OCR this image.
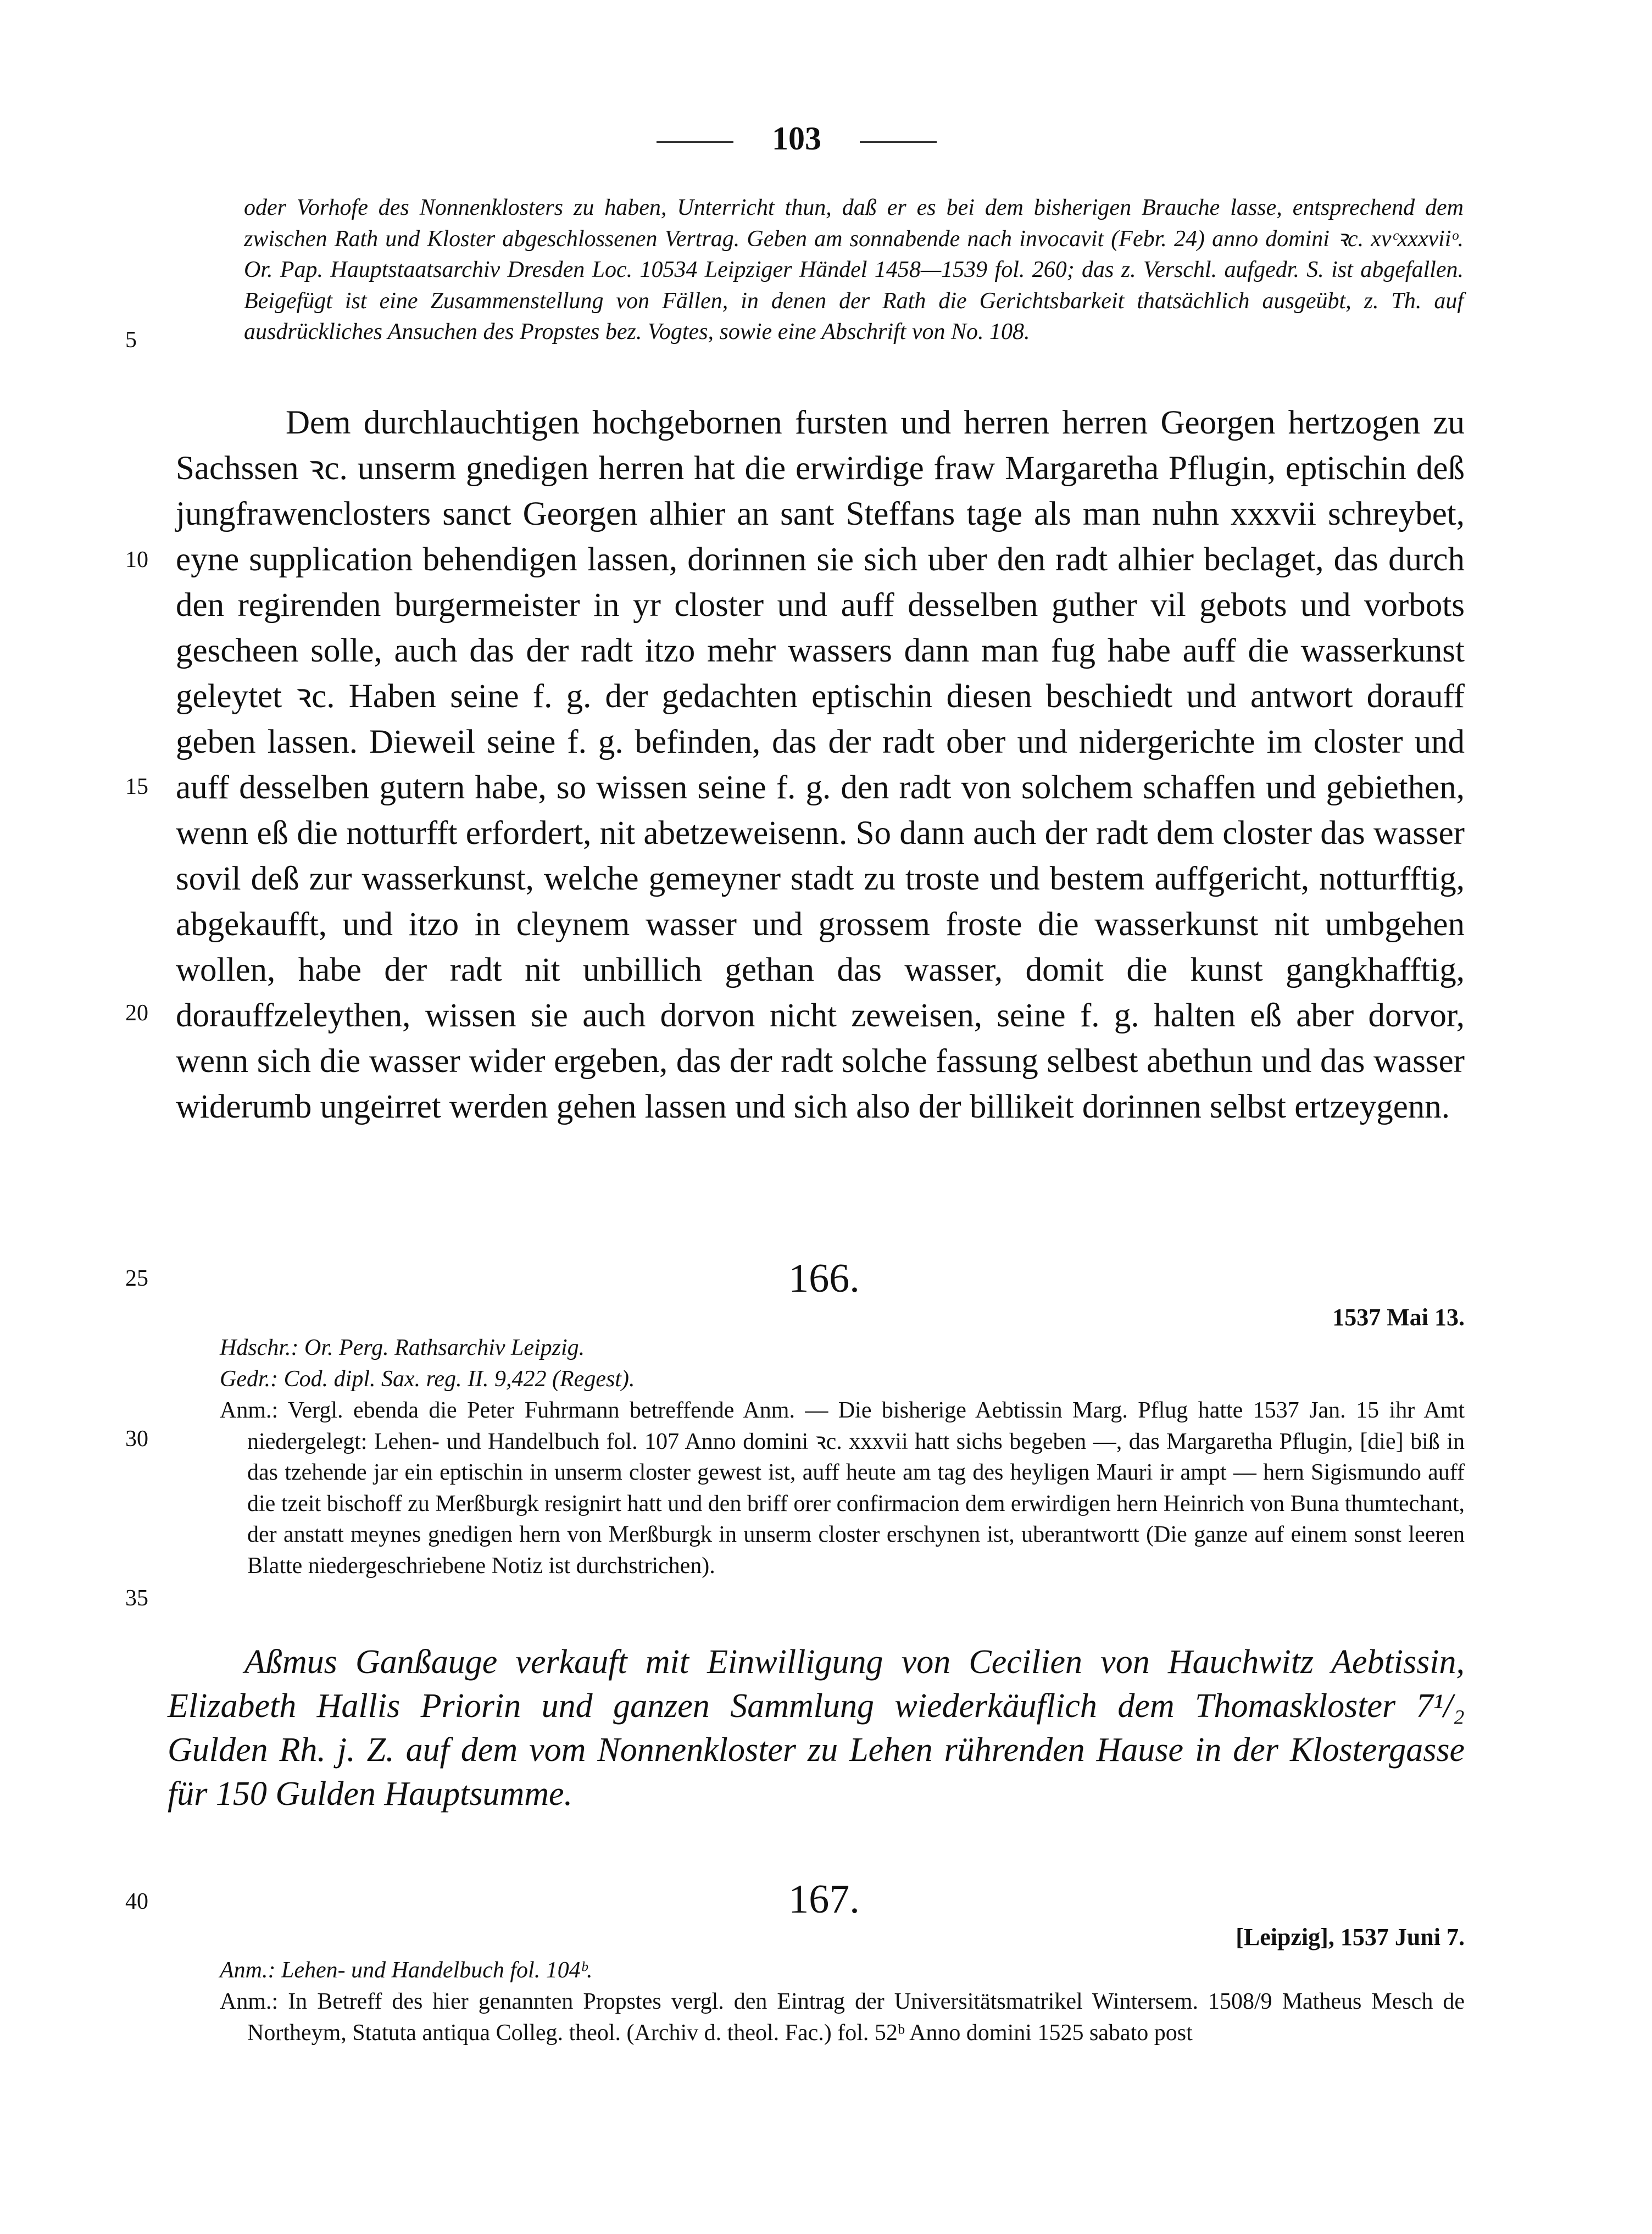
103
5
10
15
20
25
30
35
40

oder Vorhofe des Nonnenklosters zu haben, Unterricht thun, daß er es bei dem bisherigen Brauche lasse, entsprechend dem zwischen Rath und Kloster abgeschlossenen Vertrag. Geben am sonnabende nach invocavit (Febr. 24) anno domini ꝛc. xvᶜxxxviiᵒ. Or. Pap. Hauptstaatsarchiv Dresden Loc. 10534 Leipziger Händel 1458—1539 fol. 260; das z. Verschl. aufgedr. S. ist abgefallen. Beigefügt ist eine Zusammenstellung von Fällen, in denen der Rath die Gerichtsbarkeit thatsächlich ausgeübt, z. Th. auf ausdrückliches Ansuchen des Propstes bez. Vogtes, sowie eine Abschrift von No. 108.

Dem durchlauchtigen hochgebornen fursten und herren herren Georgen hertzogen zu Sachssen ꝛc. unserm gnedigen herren hat die erwirdige fraw Margaretha Pflugin, eptischin deß jungfrawenclosters sanct Georgen alhier an sant Steffans tage als man nuhn xxxvii schreybet, eyne supplication behendigen lassen, dorinnen sie sich uber den radt alhier beclaget, das durch den regirenden burgermeister in yr closter und auff desselben guther vil gebots und vorbots gescheen solle, auch das der radt itzo mehr wassers dann man fug habe auff die wasserkunst geleytet ꝛc. Haben seine f. g. der gedachten eptischin diesen beschiedt und antwort dorauff geben lassen. Dieweil seine f. g. befinden, das der radt ober und nidergerichte im closter und auff desselben gutern habe, so wissen seine f. g. den radt von solchem schaffen und gebiethen, wenn eß die notturfft erfordert, nit abetzeweisenn. So dann auch der radt dem closter das wasser sovil deß zur wasserkunst, welche gemeyner stadt zu troste und bestem auffgericht, notturfftig, abgekaufft, und itzo in cleynem wasser und grossem froste die wasserkunst nit umbgehen wollen, habe der radt nit unbillich gethan das wasser, domit die kunst gangkhafftig, dorauffzeleythen, wissen sie auch dorvon nicht zeweisen, seine f. g. halten eß aber dorvor, wenn sich die wasser wider ergeben, das der radt solche fassung selbest abethun und das wasser widerumb ungeirret werden gehen lassen und sich also der billikeit dorinnen selbst ertzeygenn.

166.
1537 Mai 13.

Hdschr.: Or. Perg. Rathsarchiv Leipzig.

Gedr.: Cod. dipl. Sax. reg. II. 9,422 (Regest).

Anm.: Vergl. ebenda die Peter Fuhrmann betreffende Anm. — Die bisherige Aebtissin Marg. Pflug hatte 1537 Jan. 15 ihr Amt niedergelegt: Lehen- und Handelbuch fol. 107 Anno domini ꝛc. xxxvii hatt sichs begeben —, das Margaretha Pflugin, [die] biß in das tzehende jar ein eptischin in unserm closter gewest ist, auff heute am tag des heyligen Mauri ir ampt — hern Sigismundo auff die tzeit bischoff zu Merßburgk resignirt hatt und den briff orer confirmacion dem erwirdigen hern Heinrich von Buna thumtechant, der anstatt meynes gnedigen hern von Merßburgk in unserm closter erschynen ist, uberantwortt (Die ganze auf einem sonst leeren Blatte niedergeschriebene Notiz ist durchstrichen).

Aßmus Ganßauge verkauft mit Einwilligung von Cecilien von Hauchwitz Aebtissin, Elizabeth Hallis Priorin und ganzen Sammlung wiederkäuflich dem Thomaskloster 7¹/₂ Gulden Rh. j. Z. auf dem vom Nonnenkloster zu Lehen rührenden Hause in der Klostergasse für 150 Gulden Hauptsumme.

167.
[Leipzig], 1537 Juni 7.

Anm.: Lehen- und Handelbuch fol. 104ᵇ.

Anm.: In Betreff des hier genannten Propstes vergl. den Eintrag der Universitätsmatrikel Wintersem. 1508/9 Matheus Mesch de Northeym, Statuta antiqua Colleg. theol. (Archiv d. theol. Fac.) fol. 52ᵇ Anno domini 1525 sabato post
